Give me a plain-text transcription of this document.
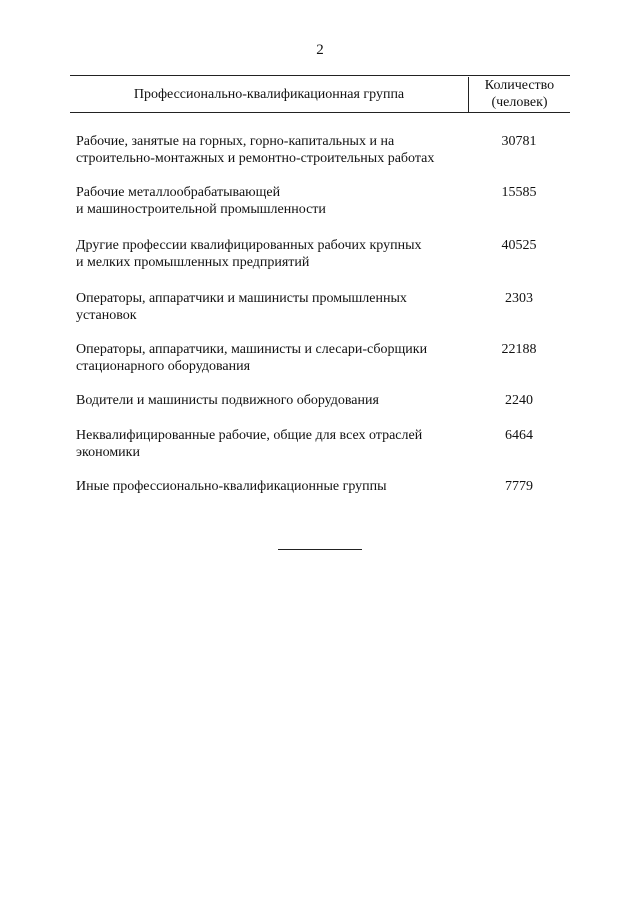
2
Профессионально-квалификационная группа
Количество
(человек)
Рабочие, занятые на горных, горно-капитальных и на
строительно-монтажных и ремонтно-строительных работах
30781
Рабочие металлообрабатывающей
и машиностроительной промышленности
15585
Другие профессии квалифицированных рабочих крупных
и мелких промышленных предприятий
40525
Операторы, аппаратчики и машинисты промышленных
установок
2303
Операторы, аппаратчики, машинисты и слесари-сборщики
стационарного оборудования
22188
Водители и машинисты подвижного оборудования	2240
Неквалифицированные рабочие, общие для всех отраслей
экономики
6464
Иные профессионально-квалификационные группы	7779
